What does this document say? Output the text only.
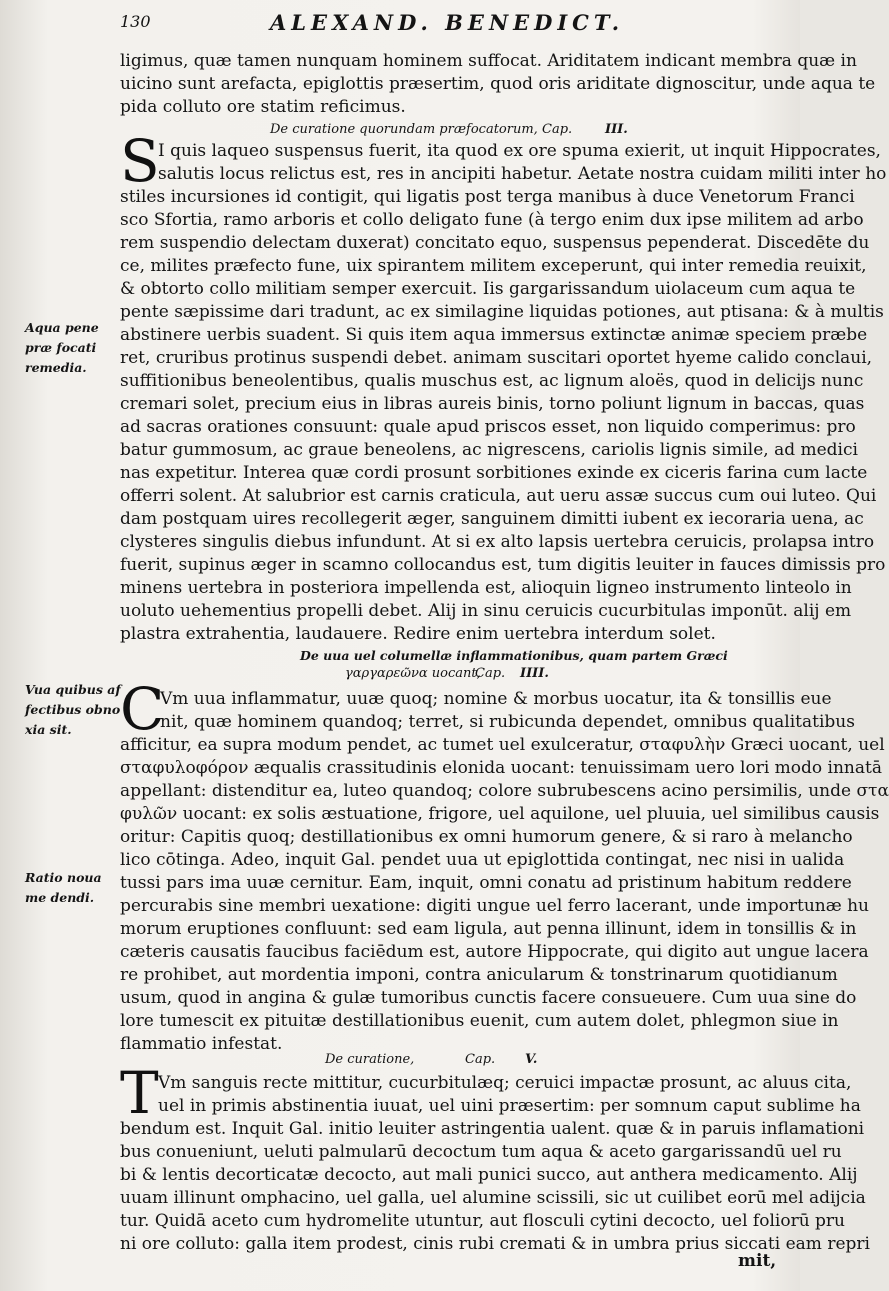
130	ALEXAND. BENEDICT.
ligimus, quæ tamen nunquam hominem suffocat. Ariditatem indicant membra quæ in
uicino sunt arefacta, epiglottis præsertim, quod oris ariditate dignoscitur, unde aqua te
pida colluto ore statim reficimus.
De curatione quorundam præfocatorum, Cap.	III.
S
I quis laqueo suspensus fuerit, ita quod ex ore spuma exierit, ut inquit Hippocrates,
salutis locus relictus est, res in ancipiti habetur. Aetate nostra cuidam militi inter ho
stiles incursiones id contigit, qui ligatis post terga manibus à duce Venetorum Franci
sco Sfortia, ramo arboris et collo deligato fune (à tergo enim dux ipse militem ad arbo
rem suspendio delectam duxerat) concitato equo, suspensus pependerat. Discedēte du
ce, milites præfecto fune, uix spirantem militem exceperunt, qui inter remedia reuixit,
& obtorto collo militiam semper exercuit. Iis gargarissandum uiolaceum cum aqua te
pente sæpissime dari tradunt, ac ex similagine liquidas potiones, aut ptisana: & à multis
abstinere uerbis suadent. Si quis item aqua immersus extinctæ animæ speciem præbe
ret, cruribus protinus suspendi debet. animam suscitari oportet hyeme calido conclaui,
suffitionibus beneolentibus, qualis muschus est, ac lignum aloës, quod in delicijs nunc
cremari solet, precium eius in libras aureis binis, torno poliunt lignum in baccas, quas
ad sacras orationes consuunt: quale apud priscos esset, non liquido comperimus: pro
batur gummosum, ac graue beneolens, ac nigrescens, cariolis lignis simile, ad medici
nas expetitur. Interea quæ cordi prosunt sorbitiones exinde ex ciceris farina cum lacte
offerri solent. At salubrior est carnis craticula, aut ueru assæ succus cum oui luteo. Qui
dam postquam uires recollegerit æger, sanguinem dimitti iubent ex iecoraria uena, ac
clysteres singulis diebus infundunt. At si ex alto lapsis uertebra ceruicis, prolapsa intro
fuerit, supinus æger in scamno collocandus est, tum digitis leuiter in fauces dimissis pro
minens uertebra in posteriora impellenda est, alioquin ligneo instrumento linteolo in
uoluto uehementius propelli debet. Alij in sinu ceruicis cucurbitulas imponūt. alij em
plastra extrahentia, laudauere. Redire enim uertebra interdum solet.
Aqua pene præ focati remedia.
De uua uel columellæ inflammationibus, quam partem Græci
γαργαρεῶνα uocant,
Cap. IIII.
Vua quibus af fectibus obno xia sit. C
Vm uua inflammatur, uuæ quoq; nomine & morbus uocatur, ita & tonsillis eue
nit, quæ hominem quandoq; terret, si rubicunda dependet, omnibus qualitatibus
afficitur, ea supra modum pendet, ac tumet uel exulceratur, σταφυλὴν Græci uocant, uel
σταφυλοφόρον æqualis crassitudinis elonida uocant: tenuissimam uero lori modo innatā
appellant: distenditur ea, luteo quandoq; colore subrubescens acino persimilis, unde στα
φυλῶν uocant: ex solis æstuatione, frigore, uel aquilone, uel pluuia, uel similibus causis
oritur: Capitis quoq; destillationibus ex omni humorum genere, & si raro à melancho
lico cōtinga. Adeo, inquit Gal. pendet uua ut epiglottida contingat, nec nisi in ualida
tussi pars ima uuæ cernitur. Eam, inquit, omni conatu ad pristinum habitum reddere
percurabis sine membri uexatione: digiti ungue uel ferro lacerant, unde importunæ hu
morum eruptiones confluunt: sed eam ligula, aut penna illinunt, idem in tonsillis & in
cæteris causatis faucibus faciēdum est, autore Hippocrate, qui digito aut ungue lacera
re prohibet, aut mordentia imponi, contra anicularum & tonstrinarum quotidianum
usum, quod in angina & gulæ tumoribus cunctis facere consueuere. Cum uua sine do
lore tumescit ex pituitæ destillationibus euenit, cum autem dolet, phlegmon siue in
flammatio infestat.
Ratio noua me dendi.
De curatione,	Cap. V.
T Vm sanguis recte mittitur, cucurbitulæq; ceruici impactæ prosunt, ac aluus cita,
uel in primis abstinentia iuuat, uel uini præsertim: per somnum caput sublime ha
bendum est. Inquit Gal. initio leuiter astringentia ualent. quæ & in paruis inflamationi
bus conueniunt, ueluti palmularū decoctum tum aqua & aceto gargarissandū uel ru
bi & lentis decorticatæ decocto, aut mali punici succo, aut anthera medicamento. Alij
uuam illinunt omphacino, uel galla, uel alumine scissili, sic ut cuilibet eorū mel adijcia
tur. Quidā aceto cum hydromelite utuntur, aut flosculi cytini decocto, uel foliorū pru
ni ore colluto: galla item prodest, cinis rubi cremati & in umbra prius siccati eam repri
mit,
